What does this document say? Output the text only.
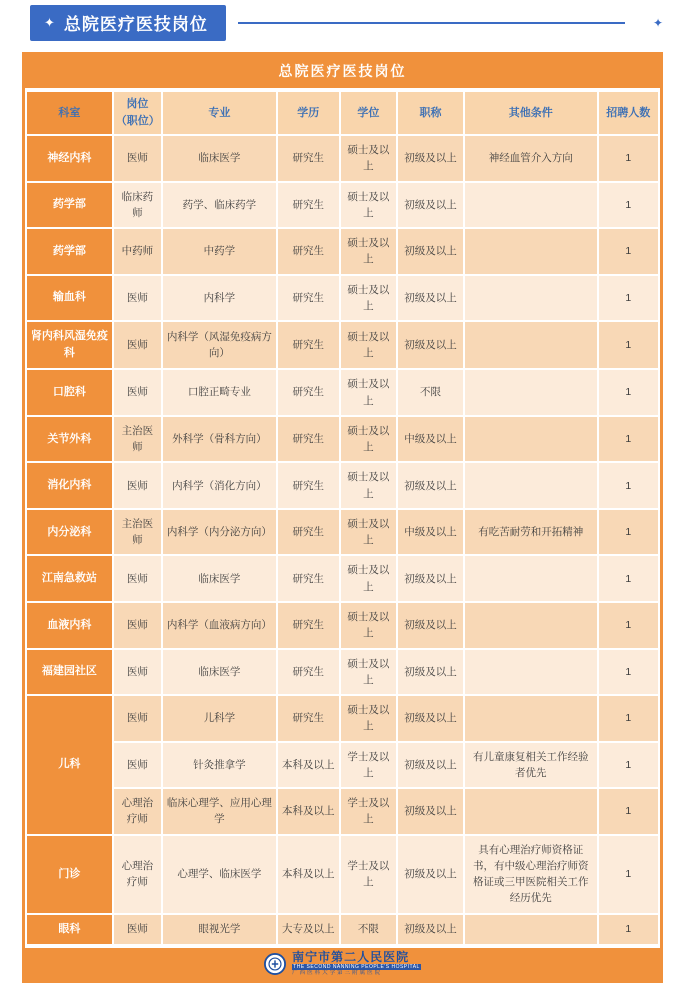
✦ 总院医疗医技岗位	✦
总院医疗医技岗位
科室	岗位
（职位）	专业	学历	学位	职称	其他条件	招聘人数
神经内科	医师	临床医学	研究生	硕士及以上	初级及以上	神经血管介入方向	1
药学部	临床药师	药学、临床药学	研究生	硕士及以上	初级及以上		1
药学部	中药师	中药学	研究生	硕士及以上	初级及以上		1
输血科	医师	内科学	研究生	硕士及以上	初级及以上		1
肾内科风湿免疫科	医师	内科学（风湿免疫病方向）	研究生	硕士及以上	初级及以上		1
口腔科	医师	口腔正畸专业	研究生	硕士及以上	不限		1
关节外科	主治医师	外科学（骨科方向）	研究生	硕士及以上	中级及以上		1
消化内科	医师	内科学（消化方向）	研究生	硕士及以上	初级及以上		1
内分泌科	主治医师	内科学（内分泌方向）	研究生	硕士及以上	中级及以上	有吃苦耐劳和开拓精神	1
江南急救站	医师	临床医学	研究生	硕士及以上	初级及以上		1
血液内科	医师	内科学（血液病方向）	研究生	硕士及以上	初级及以上		1
福建园社区	医师	临床医学	研究生	硕士及以上	初级及以上		1
儿科	医师	儿科学	研究生	硕士及以上	初级及以上		1
	医师	针灸推拿学	本科及以上	学士及以上	初级及以上	有儿童康复相关工作经验者优先	1
	心理治疗师	临床心理学、应用心理学	本科及以上	学士及以上	初级及以上		1
门诊	心理治疗师	心理学、临床医学	本科及以上	学士及以上	初级及以上	具有心理治疗师资格证书，有中级心理治疗师资格证或三甲医院相关工作经历优先	1
眼科	医师	眼视光学	大专及以上	不限	初级及以上		1
南宁市第二人民医院
THE SECOND NANNING PEOPLE'S HOSPITAL
广西医科大学第三附属医院
